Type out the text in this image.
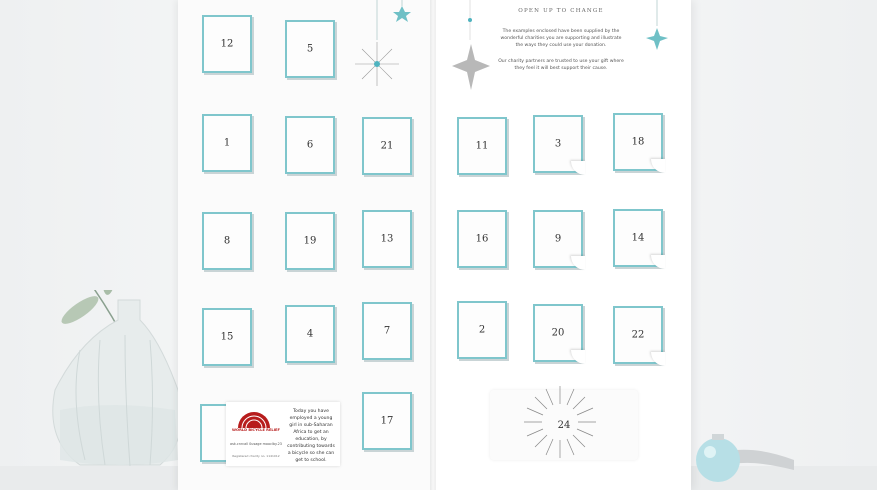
OPEN UP TO CHANGE
The examples enclosed have been supplied by the wonderful charities you are supporting and illustrate the ways they could use your donation.
Our charity partners are trusted to use your gift where they feel it will best support their cause.
12	5
1	6	21
8	19	13
15	4	7
17
WORLD BICYCLE RELIEF
ask.cnrcall 0usage mooclby.23
Registered charity no. 1141012
Today you have employed a young girl in sub-Saharan Africa to get an education, by contributing towards a bicycle so she can get to school.
11	3	18
16	9	14
2	20	22
24
